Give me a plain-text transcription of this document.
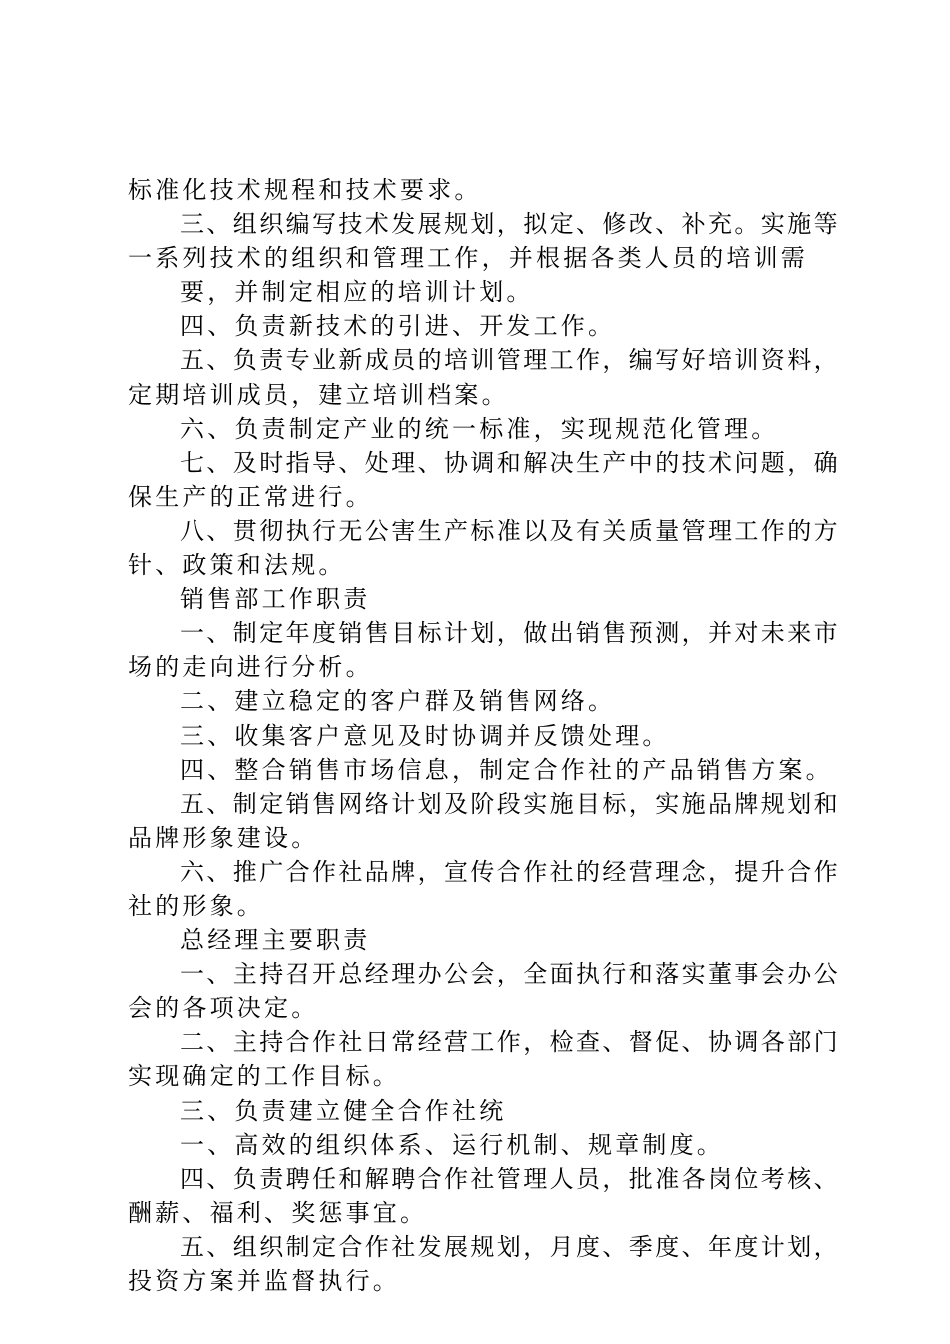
标准化技术规程和技术要求。
三、组织编写技术发展规划，拟定、修改、补充。实施等
一系列技术的组织和管理工作，并根据各类人员的培训需
要，并制定相应的培训计划。
四、负责新技术的引进、开发工作。
五、负责专业新成员的培训管理工作，编写好培训资料，
定期培训成员，建立培训档案。
六、负责制定产业的统一标准，实现规范化管理。
七、及时指导、处理、协调和解决生产中的技术问题，确
保生产的正常进行。
八、贯彻执行无公害生产标准以及有关质量管理工作的方
针、政策和法规。
销售部工作职责
一、制定年度销售目标计划，做出销售预测，并对未来市
场的走向进行分析。
二、建立稳定的客户群及销售网络。
三、收集客户意见及时协调并反馈处理。
四、整合销售市场信息，制定合作社的产品销售方案。
五、制定销售网络计划及阶段实施目标，实施品牌规划和
品牌形象建设。
六、推广合作社品牌，宣传合作社的经营理念，提升合作
社的形象。
总经理主要职责
一、主持召开总经理办公会，全面执行和落实董事会办公
会的各项决定。
二、主持合作社日常经营工作，检查、督促、协调各部门
实现确定的工作目标。
三、负责建立健全合作社统
一、高效的组织体系、运行机制、规章制度。
四、负责聘任和解聘合作社管理人员，批准各岗位考核、
酬薪、福利、奖惩事宜。
五、组织制定合作社发展规划，月度、季度、年度计划，
投资方案并监督执行。
